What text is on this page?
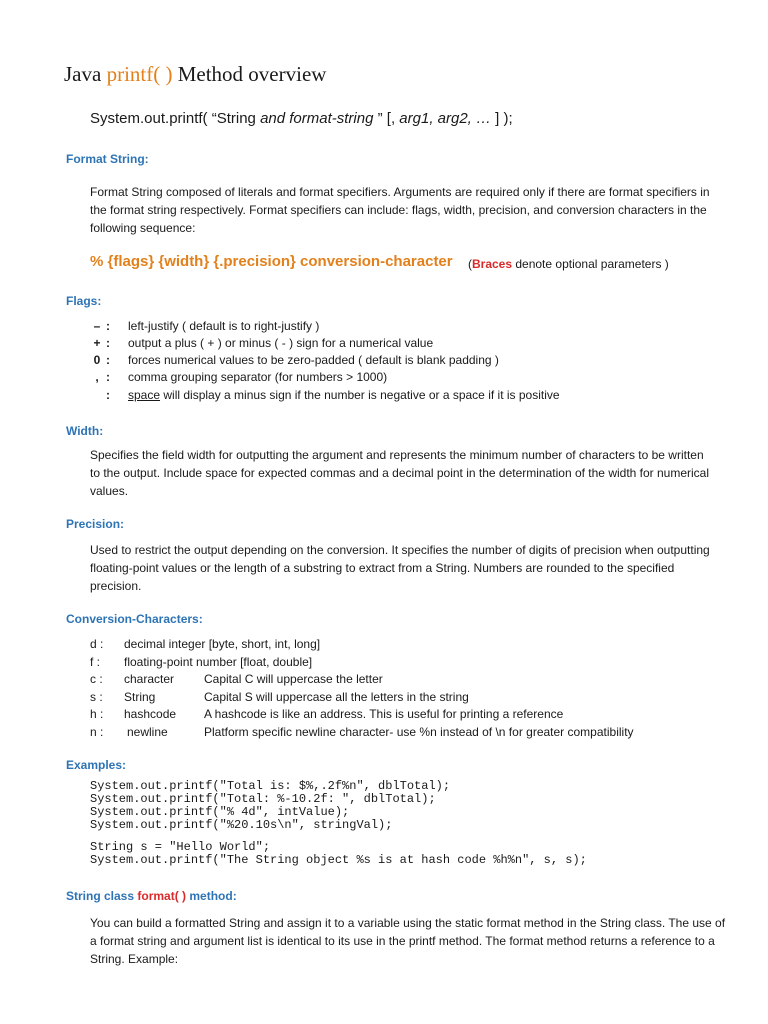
Java printf( ) Method overview
System.out.printf( “String and format-string ” [, arg1, arg2, … ] );
Format String:
Format String composed of literals and format specifiers. Arguments are required only if there are format specifiers in the format string respectively. Format specifiers can include: flags, width, precision, and conversion characters in the following sequence:
% {flags} {width} {.precision} conversion-character (Braces denote optional parameters )
Flags:
– : left-justify ( default is to right-justify )
+ : output a plus ( + ) or minus ( - ) sign for a numerical value
0 : forces numerical values to be zero-padded ( default is blank padding )
, : comma grouping separator (for numbers > 1000)
: space will display a minus sign if the number is negative or a space if it is positive
Width:
Specifies the field width for outputting the argument and represents the minimum number of characters to be written to the output. Include space for expected commas and a decimal point in the determination of the width for numerical values.
Precision:
Used to restrict the output depending on the conversion. It specifies the number of digits of precision when outputting floating-point values or the length of a substring to extract from a String. Numbers are rounded to the specified precision.
Conversion-Characters:
d : decimal integer [byte, short, int, long]
f : floating-point number [float, double]
c : character Capital C will uppercase the letter
s : String	Capital S will uppercase all the letters in the string
h : hashcode A hashcode is like an address. This is useful for printing a reference
n : newline	Platform specific newline character- use %n instead of \n for greater compatibility
Examples:
System.out.printf("Total is: $%,.2f%n", dblTotal);
System.out.printf("Total: %-10.2f: ", dblTotal);
System.out.printf("% 4d", intValue);
System.out.printf("%20.10s\n", stringVal);
String s = "Hello World";
System.out.printf("The String object %s is at hash code %h%n", s, s);
String class format( ) method:
You can build a formatted String and assign it to a variable using the static format method in the String class. The use of a format string and argument list is identical to its use in the printf method. The format method returns a reference to a String. Example:
